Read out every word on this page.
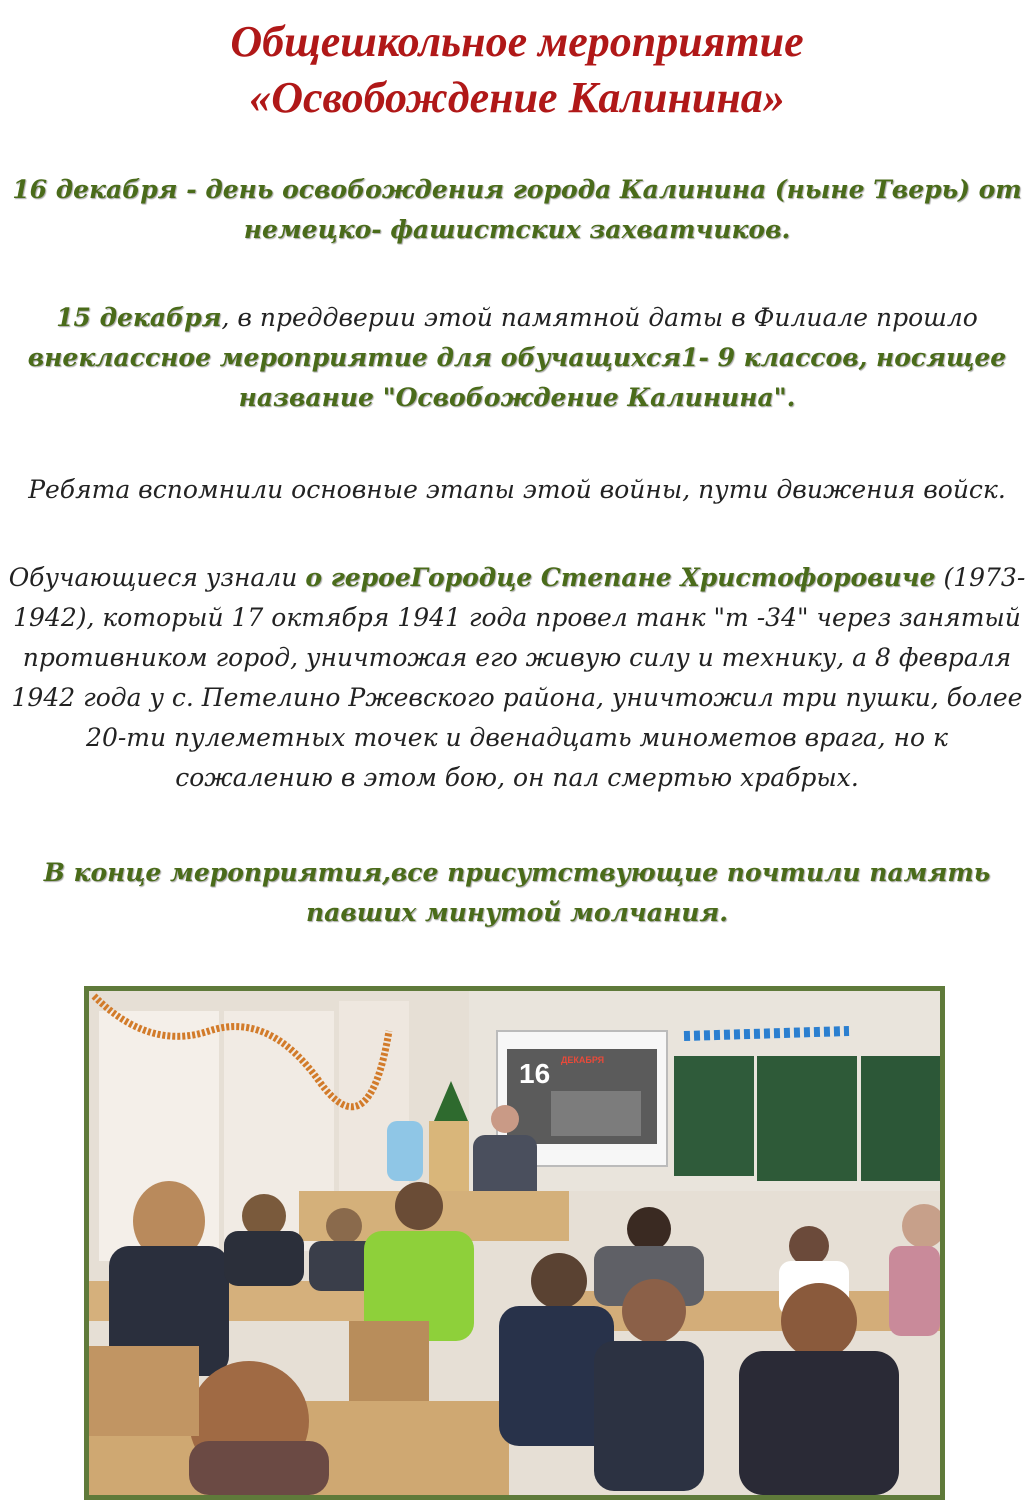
Общешкольное мероприятие
«Освобождение Калинина»

16 декабря - день освобождения города Калинина (ныне Тверь) от немецко- фашистских захватчиков.

15 декабря, в преддверии этой памятной даты в Филиале прошло внеклассное мероприятие для обучащихся1- 9 классов, носящее название "Освобождение Калинина".

Ребята вспомнили основные этапы этой войны, пути движения войск.

Обучающиеся узнали о героеГородце Степане Христофоровиче (1973-1942), который 17 октября 1941 года провел танк "т -34" через занятый противником город, уничтожая его живую силу и технику, а 8 февраля 1942 года у с. Петелино Ржевского района, уничтожил три пушки, более 20-ти пулеметных точек и двенадцать минометов врага, но к сожалению в этом бою, он пал смертью храбрых.

В конце мероприятия,все присутствующие почтили память павших минутой молчания.

16 ДЕКАБРЯ
